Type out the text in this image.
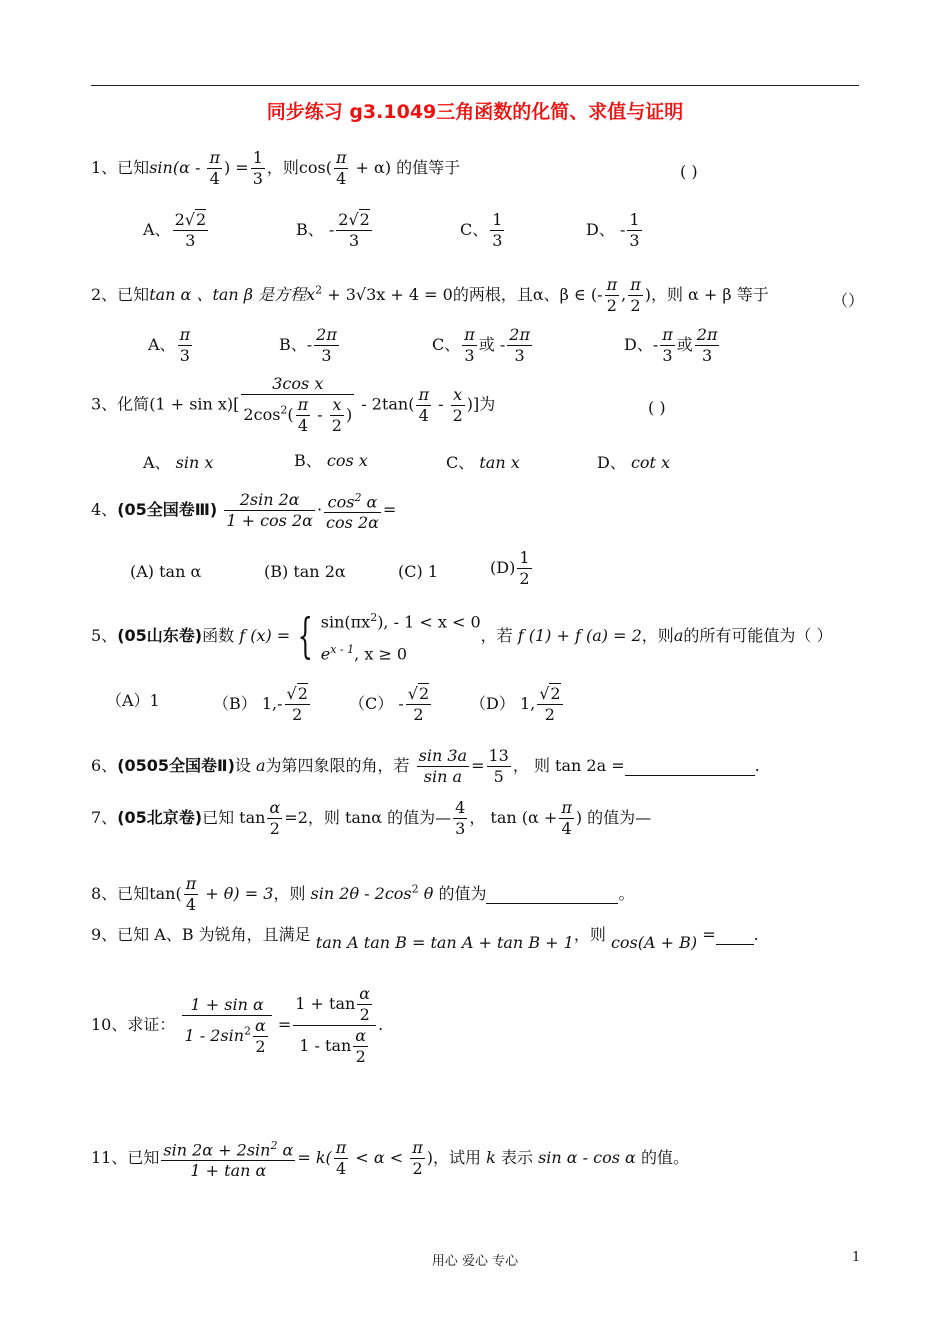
同步练习 g3.1049三角函数的化简、求值与证明
1、已知$\sin(\alpha - \frac{\pi}{4}$ ) = $\frac{1}{3}$ ，则$\cos( \frac{\pi}{4} + \alpha)$ 的值等于	( )
A、 $\frac{2√2}{3}$	B、 - $\frac{2√2}{3}$	C、 $\frac{1}{3}$	D、 - $\frac{1}{3}$
2、已知tan α 、tan β 是方程$x^2 + 3√3x + 4 = 0$的两根，且α、β ∈ (- $\frac{\pi}{2}$ , $\frac{\pi}{2}$ )，则 α + β 等于	（）
A、 $\frac{\pi}{3}$	B、- $\frac{2\pi}{3}$	C、 $\frac{\pi}{3}$ 或 - $\frac{2\pi}{3}$	D、- $\frac{\pi}{3}$ 或 $\frac{2\pi}{3}$
3、化简$(1 + \sin x)[ \frac{\text{3cos x}}{2\cos^2( \frac{\pi}{4} - \frac{x}{2} )} - 2\tan( \frac{\pi}{4} - \frac{x}{2}$ )]为	( )
A、 sin x	B、 cos x	C、 tan x	D、 cot x
4、(05全国卷Ⅲ) $\frac{2\sin 2\alpha}{1 + \cos 2\alpha} \cdot \frac{\cos^2 \alpha}{\cos 2\alpha}$ =
(A) tan α	(B) tan 2α	(C) 1	$(D) \frac{1}{2}$
5、(05山东卷)函数 f (x) = { $\sin(\pi x^2)$, - 1 < x < 0
$e^{x - 1}$, x ≥ 0
，若 f (1) + f (a) = 2，则a的所有可能值为（ ）
（A）1	（B） $1,- \frac{√2}{2} (C) - \frac{√2}{2} (D)$ 1, $\frac{√2}{2}$
6、(0505全国卷Ⅱ)设 a为第四象限的角，若 $\frac{\sin 3a}{\text{sin a}} = \frac{13}{5}$ ， 则 tan 2a =	.
7、(05北京卷)已知 $\tan \frac{\alpha}{2} =2$，则 tanα 的值为— $\frac{4}{3}$ ， $\tan (\alpha + \frac{\pi}{4}$ ) 的值为—
8、已知$\tan( \frac{\pi}{4} + \theta) = 3$，则 $\sin 2\theta - 2\cos^2$ θ 的值为	。
9、已知 A、B 为锐角，且满足 tan A tan B = tan A + tan B + 1，则 cos(A + B) = .
10、求证： $\frac{\text{1 + sin α}}{1 - 2\sin^2 \frac{\alpha}{2}} = \frac{1 + \tan \frac{\alpha}{2}}{1 - \tan \frac{\alpha}{2}}$ .
11、已知 $\frac{\sin 2\alpha + 2\sin^2 \alpha}{\text{1 + tan α}} = k( \frac{\pi}{4} < \alpha < \frac{\pi}{2}$ )，试用 k 表示 sin α - cos α 的值。
用心 爱心 专心	1
